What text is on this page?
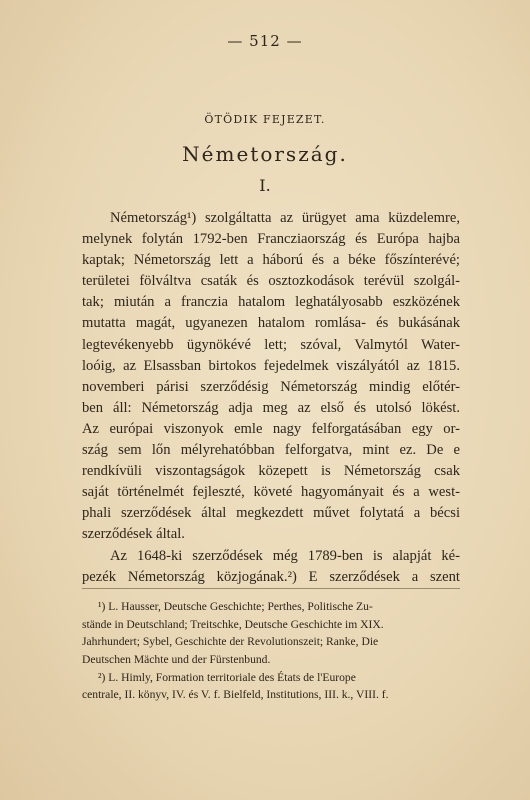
— 512 —
ÖTÖDIK FEJEZET.
Németország.
I.
Németország¹) szolgáltatta az ürügyet ama küzdelemre,
melynek folytán 1792-ben Francziaország és Európa hajba
kaptak; Németország lett a háború és a béke főszínterévé;
területei fölváltva csaták és osztozkodások terévül szolgál-
tak; miután a franczia hatalom leghatályosabb eszközének
mutatta magát, ugyanezen hatalom romlása- és bukásának
legtevékenyebb ügynökévé lett; szóval, Valmytól Water-
loóig, az Elsassban birtokos fejedelmek viszályától az 1815.
novemberi párisi szerződésig Németország mindig előtér-
ben áll: Németország adja meg az első és utolsó lökést.
Az európai viszonyok emle nagy felforgatásában egy or-
szág sem lőn mélyrehatóbban felforgatva, mint ez. De e
rendkívüli viszontagságok közepett is Németország csak
saját történelmét fejleszté, követé hagyományait és a west-
phali szerződések által megkezdett művet folytatá a bécsi
szerződések által.
Az 1648-ki szerződések még 1789-ben is alapját ké-
pezék Németország közjogának.²) E szerződések a szent
¹) L. Hausser, Deutsche Geschichte; Perthes, Politische Zu-
stände in Deutschland; Treitschke, Deutsche Geschichte im XIX.
Jahrhundert; Sybel, Geschichte der Revolutionszeit; Ranke, Die
Deutschen Mächte und der Fürstenbund.
²) L. Himly, Formation territoriale des États de l'Europe
centrale, II. könyv, IV. és V. f. Bielfeld, Institutions, III. k., VIII. f.
